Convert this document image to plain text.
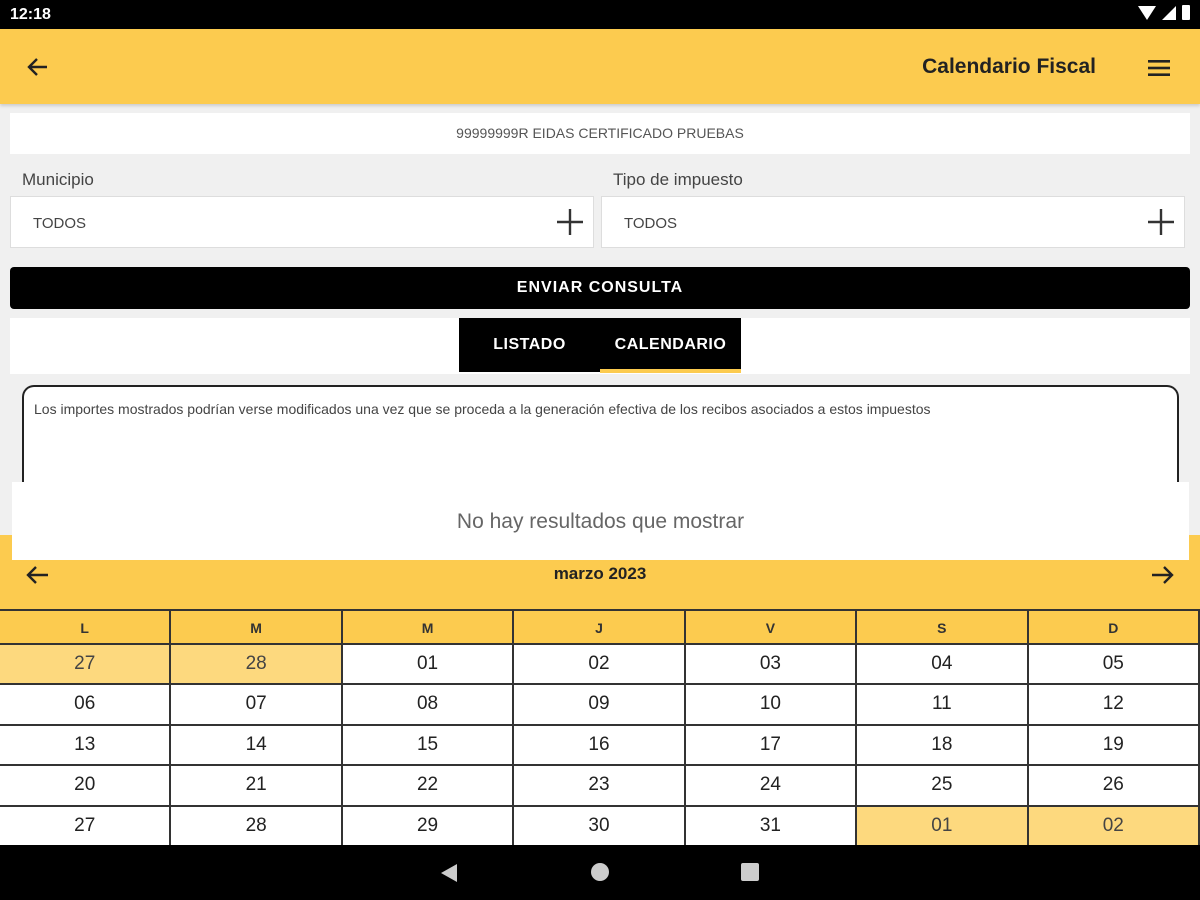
12:18
Calendario Fiscal
99999999R EIDAS CERTIFICADO PRUEBAS
Municipio
TODOS
Tipo de impuesto
TODOS
ENVIAR CONSULTA
LISTADO	CALENDARIO
Los importes mostrados podrían verse modificados una vez que se proceda a la generación efectiva de los recibos asociados a estos impuestos
marzo 2023
No hay resultados que mostrar
L	M	M	J	V	S	D
27	28	01	02	03	04	05
06	07	08	09	10	11	12
13	14	15	16	17	18	19
20	21	22	23	24	25	26
27	28	29	30	31	01	02
